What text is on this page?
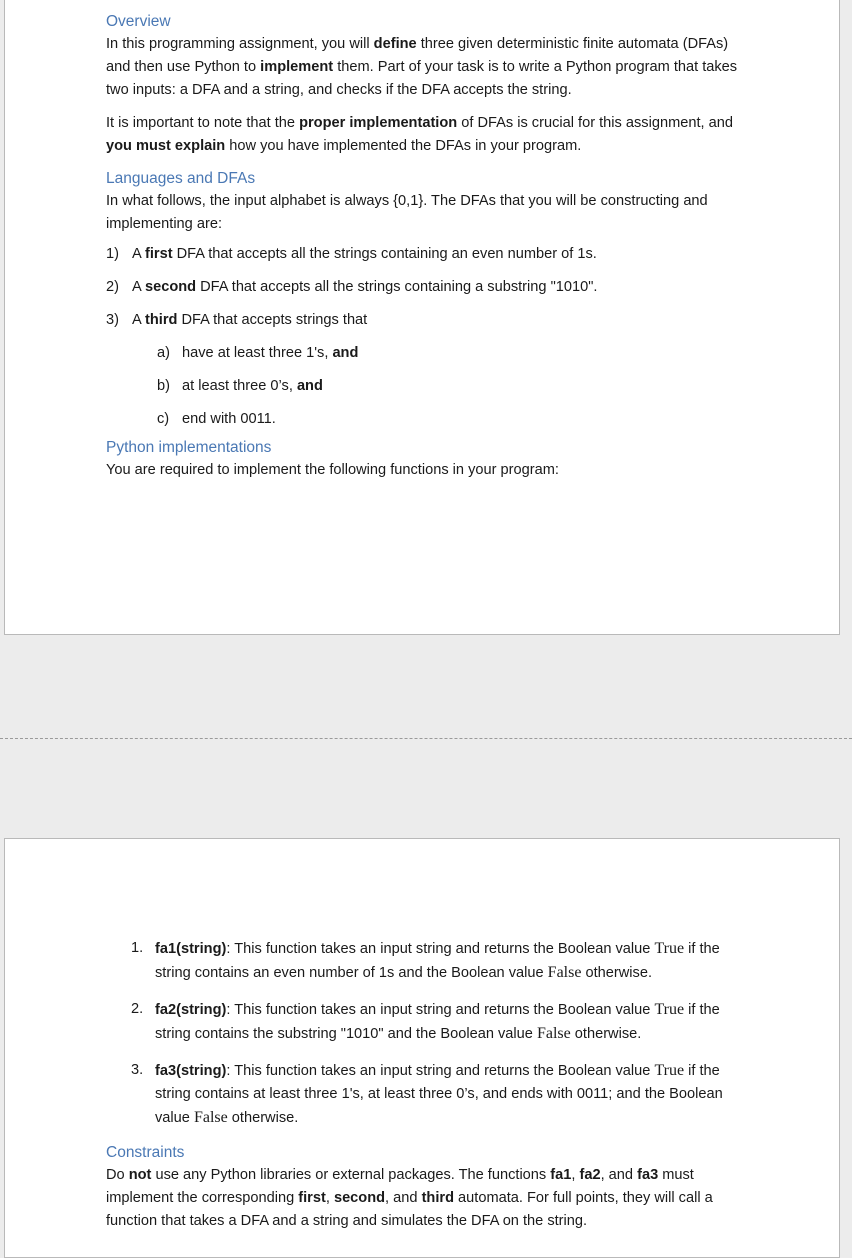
Overview

In this programming assignment, you will define three given deterministic finite automata (DFAs) and then use Python to implement them. Part of your task is to write a Python program that takes two inputs: a DFA and a string, and checks if the DFA accepts the string.

It is important to note that the proper implementation of DFAs is crucial for this assignment, and you must explain how you have implemented the DFAs in your program.

Languages and DFAs

In what follows, the input alphabet is always {0,1}. The DFAs that you will be constructing and implementing are:

1) A first DFA that accepts all the strings containing an even number of 1s.
2) A second DFA that accepts all the strings containing a substring "1010".
3) A third DFA that accepts strings that
a) have at least three 1's, and
b) at least three 0’s, and
c) end with 0011.
Python implementations

You are required to implement the following functions in your program:

1. fa1(string): This function takes an input string and returns the Boolean value True if the string contains an even number of 1s and the Boolean value False otherwise.
2. fa2(string): This function takes an input string and returns the Boolean value True if the string contains the substring "1010" and the Boolean value False otherwise.
3. fa3(string): This function takes an input string and returns the Boolean value True if the string contains at least three 1's, at least three 0’s, and ends with 0011; and the Boolean value False otherwise.
Constraints

Do not use any Python libraries or external packages. The functions fa1, fa2, and fa3 must implement the corresponding first, second, and third automata. For full points, they will call a function that takes a DFA and a string and simulates the DFA on the string.
